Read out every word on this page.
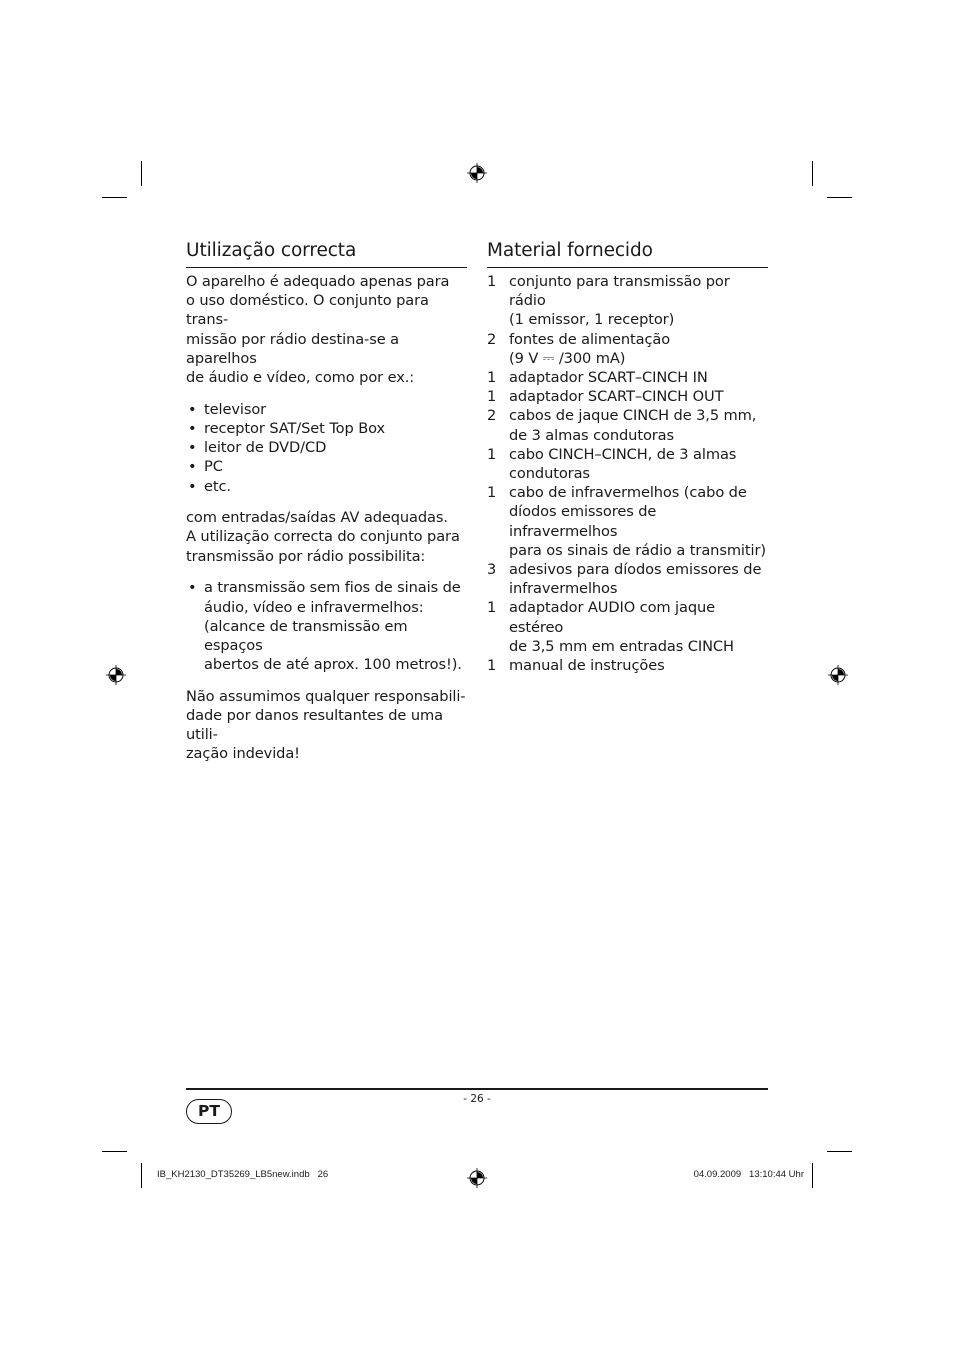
Utilização correcta

O aparelho é adequado apenas para
o uso doméstico. O conjunto para trans-
missão por rádio destina-se a aparelhos
de áudio e vídeo, como por ex.:

• televisor
• receptor SAT/Set Top Box
• leitor de DVD/CD
• PC
• etc.

com entradas/saídas AV adequadas.
A utilização correcta do conjunto para
transmissão por rádio possibilita:

• a transmissão sem fios de sinais de
áudio, vídeo e infravermelhos:
(alcance de transmissão em espaços
abertos de até aprox. 100 metros!).

Não assumimos qualquer responsabili-
dade por danos resultantes de uma utili-
zação indevida!

Material fornecido
1 conjunto para transmissão por rádio
(1 emissor, 1 receptor)
2 fontes de alimentação
(9 V ⎓ /300 mA)
1 adaptador SCART–CINCH IN
1 adaptador SCART–CINCH OUT
2 cabos de jaque CINCH de 3,5 mm,
de 3 almas condutoras
1 cabo CINCH–CINCH, de 3 almas
condutoras
1 cabo de infravermelhos (cabo de
díodos emissores de infravermelhos
para os sinais de rádio a transmitir)
3 adesivos para díodos emissores de
infravermelhos
1 adaptador AUDIO com jaque estéreo
de 3,5 mm em entradas CINCH
1 manual de instruções
- 26 -
PT
IB_KH2130_DT35269_LB5new.indb   26	04.09.2009   13:10:44 Uhr
